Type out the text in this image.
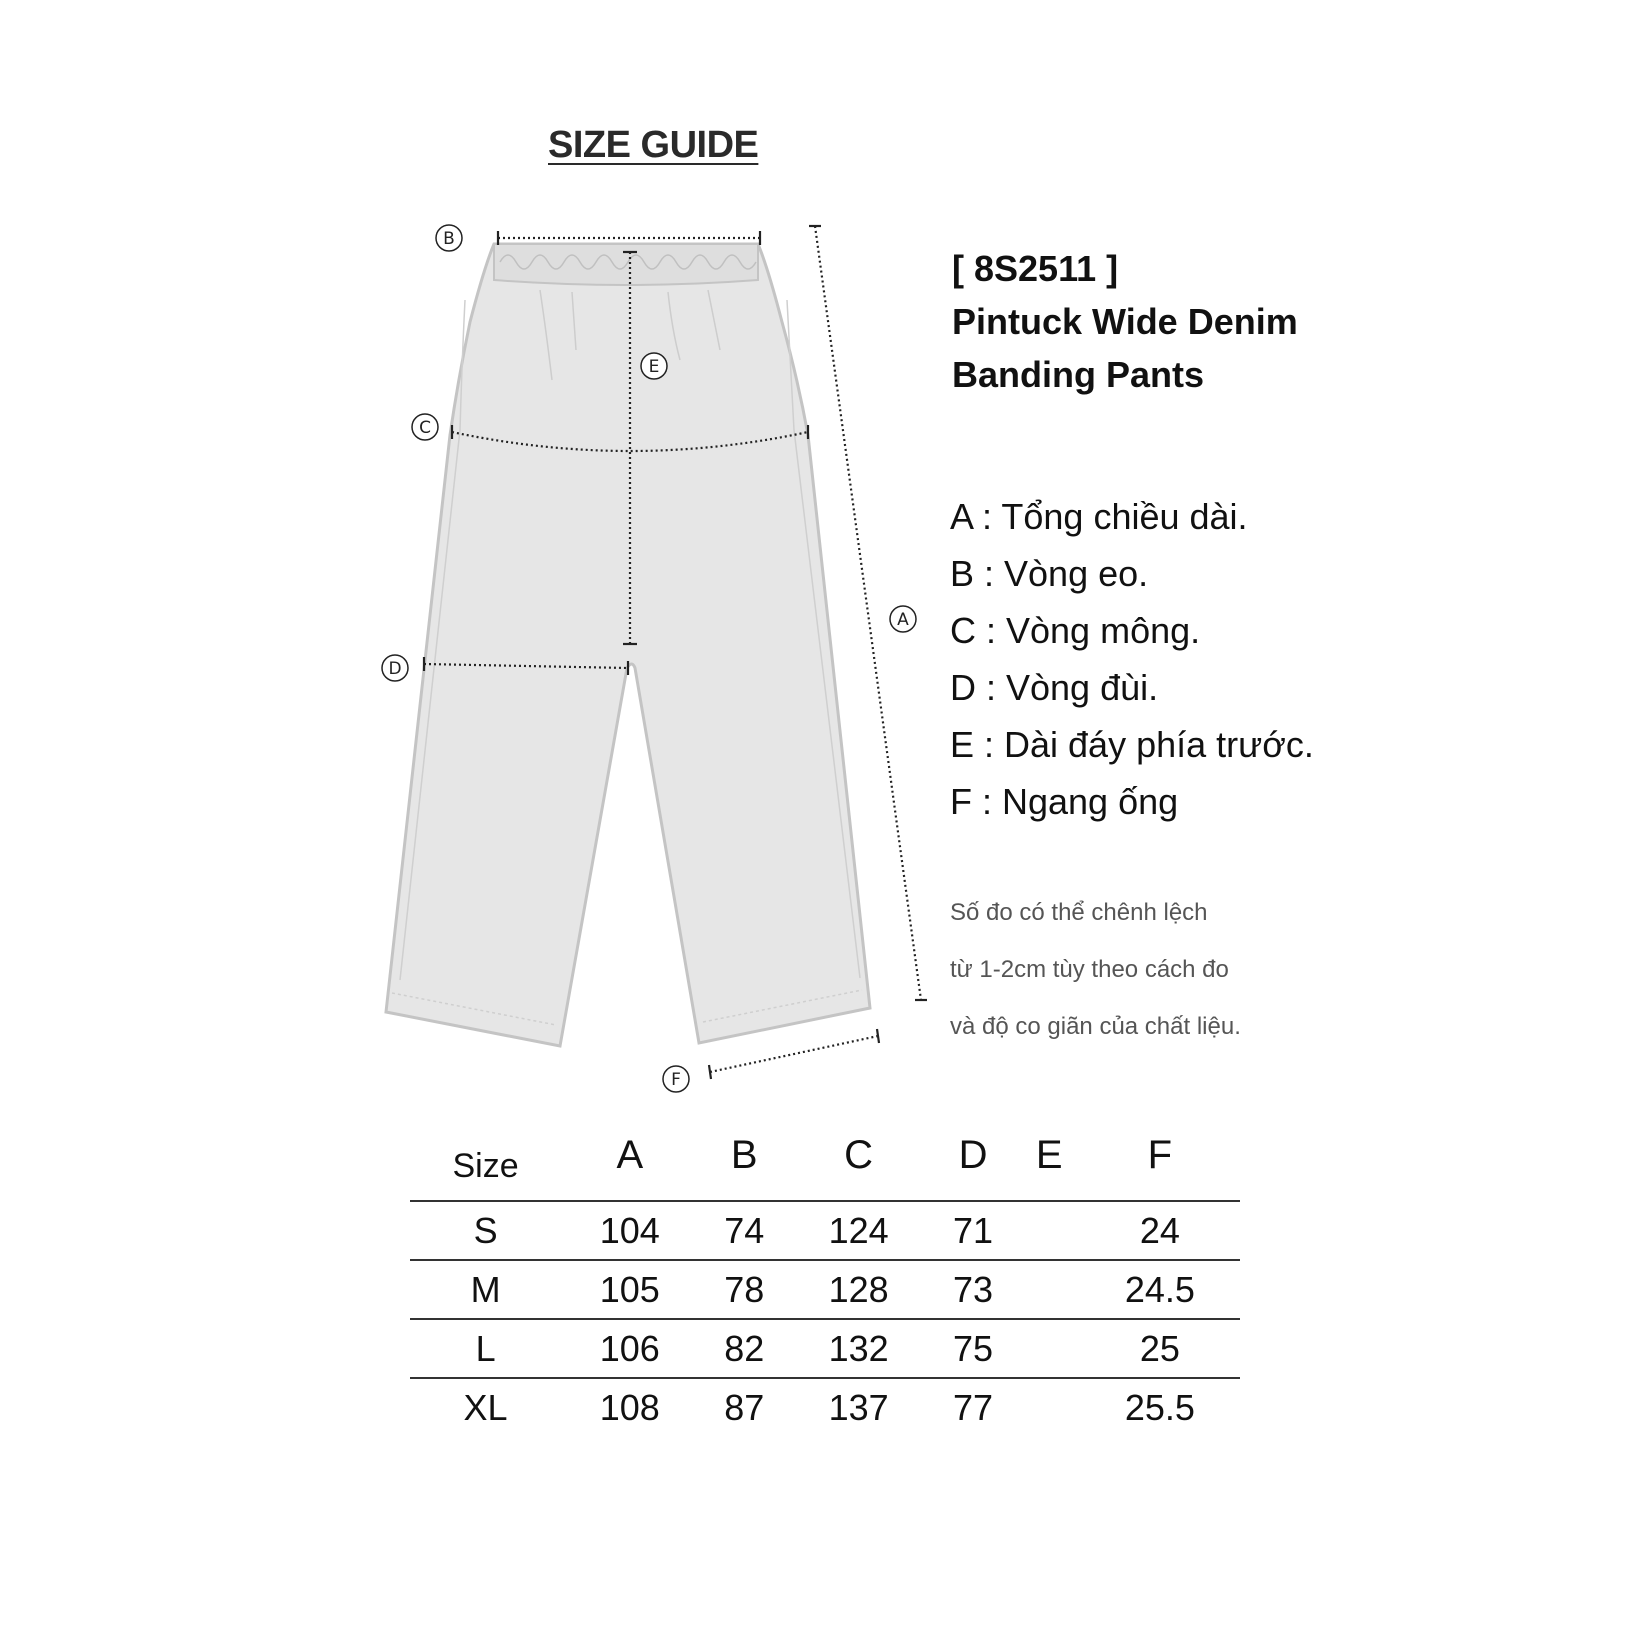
SIZE GUIDE
B
E
C
D
A
F
[ 8S2511 ]
Pintuck Wide Denim
Banding Pants
A : Tổng chiều dài.
B : Vòng eo.
C : Vòng mông.
D : Vòng đùi.
E : Dài đáy phía trước.
F : Ngang ống
Số đo có thể chênh lệch
từ 1-2cm tùy theo cách đo
và độ co giãn của chất liệu.
Size	A	B	C	D	E	F
S	104	74	124	71		24
M	105	78	128	73		24.5
L	106	82	132	75		25
XL	108	87	137	77		25.5
